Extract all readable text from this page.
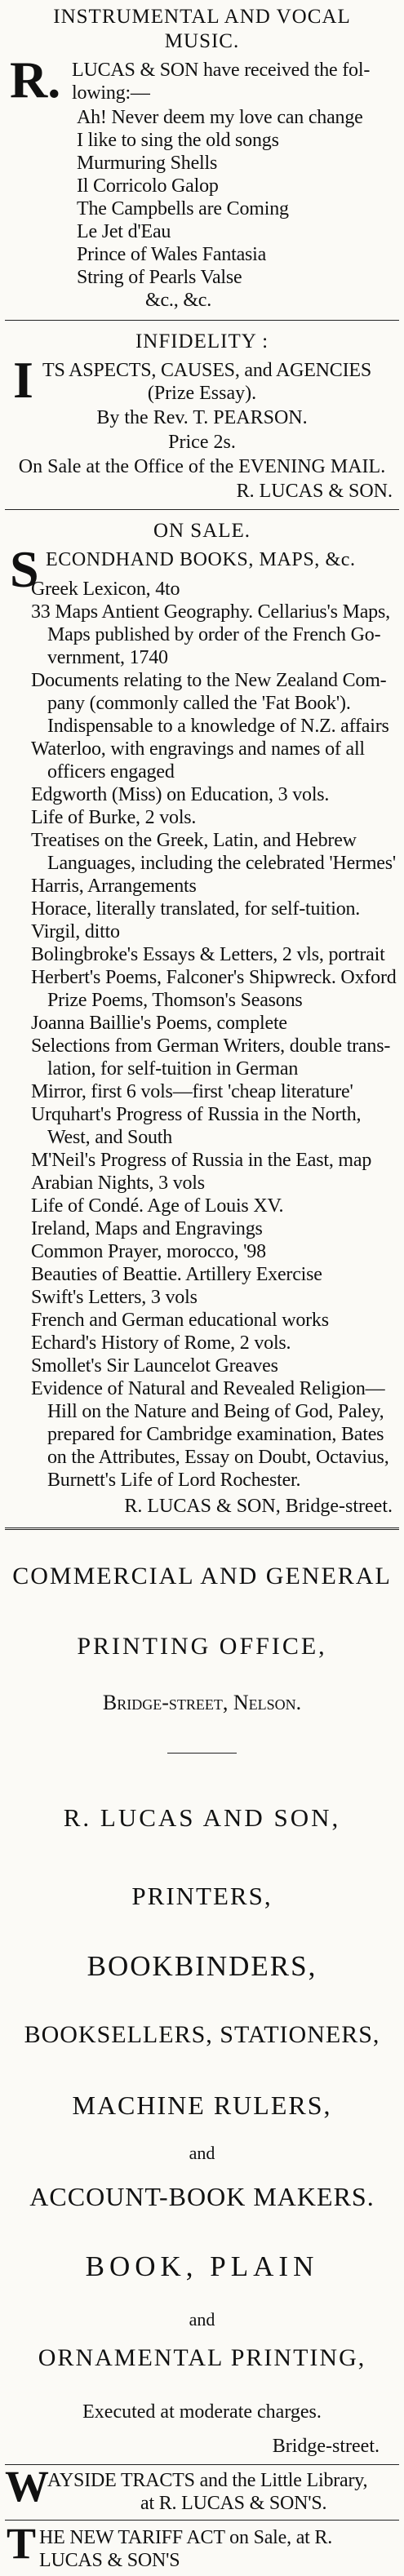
INSTRUMENTAL AND VOCAL
MUSIC.
R. LUCAS & SON have received the fol-
lowing:—
Ah! Never deem my love can change
I like to sing the old songs
Murmuring Shells
Il Corricolo Galop
The Campbells are Coming
Le Jet d'Eau
Prince of Wales Fantasia
String of Pearls Valse
&c., &c.
INFIDELITY :
I TS ASPECTS, CAUSES, and AGENCIES
(Prize Essay).
By the Rev. T. PEARSON.
Price 2s.
On Sale at the Office of the EVENING MAIL.
R. LUCAS & SON.
ON SALE.
S ECONDHAND BOOKS, MAPS, &c.
Greek Lexicon, 4to
33 Maps Antient Geography. Cellarius's Maps,
Maps published by order of the French Go-
vernment, 1740
Documents relating to the New Zealand Com-
pany (commonly called the 'Fat Book').
Indispensable to a knowledge of N.Z. affairs
Waterloo, with engravings and names of all
officers engaged
Edgworth (Miss) on Education, 3 vols.
Life of Burke, 2 vols.
Treatises on the Greek, Latin, and Hebrew
Languages, including the celebrated 'Hermes'
Harris, Arrangements
Horace, literally translated, for self-tuition.
Virgil, ditto
Bolingbroke's Essays & Letters, 2 vls, portrait
Herbert's Poems, Falconer's Shipwreck. Oxford
Prize Poems, Thomson's Seasons
Joanna Baillie's Poems, complete
Selections from German Writers, double trans-
lation, for self-tuition in German
Mirror, first 6 vols—first 'cheap literature'
Urquhart's Progress of Russia in the North,
West, and South
M'Neil's Progress of Russia in the East, map
Arabian Nights, 3 vols
Life of Condé. Age of Louis XV.
Ireland, Maps and Engravings
Common Prayer, morocco, '98
Beauties of Beattie. Artillery Exercise
Swift's Letters, 3 vols
French and German educational works
Echard's History of Rome, 2 vols.
Smollet's Sir Launcelot Greaves
Evidence of Natural and Revealed Religion—
Hill on the Nature and Being of God, Paley,
prepared for Cambridge examination, Bates
on the Attributes, Essay on Doubt, Octavius,
Burnett's Life of Lord Rochester.
R. LUCAS & SON, Bridge-street.
COMMERCIAL AND GENERAL
PRINTING OFFICE,
Bridge-street, Nelson.
R. LUCAS AND SON,
PRINTERS,
BOOKBINDERS,
BOOKSELLERS, STATIONERS,
MACHINE RULERS,
and
ACCOUNT-BOOK MAKERS.
BOOK, PLAIN
and
ORNAMENTAL PRINTING,
Executed at moderate charges.
Bridge-street.
W
AYSIDE TRACTS and the Little Library,
at R. LUCAS & SON'S.
T HE NEW TARIFF ACT on Sale, at R.
LUCAS & SON'S
